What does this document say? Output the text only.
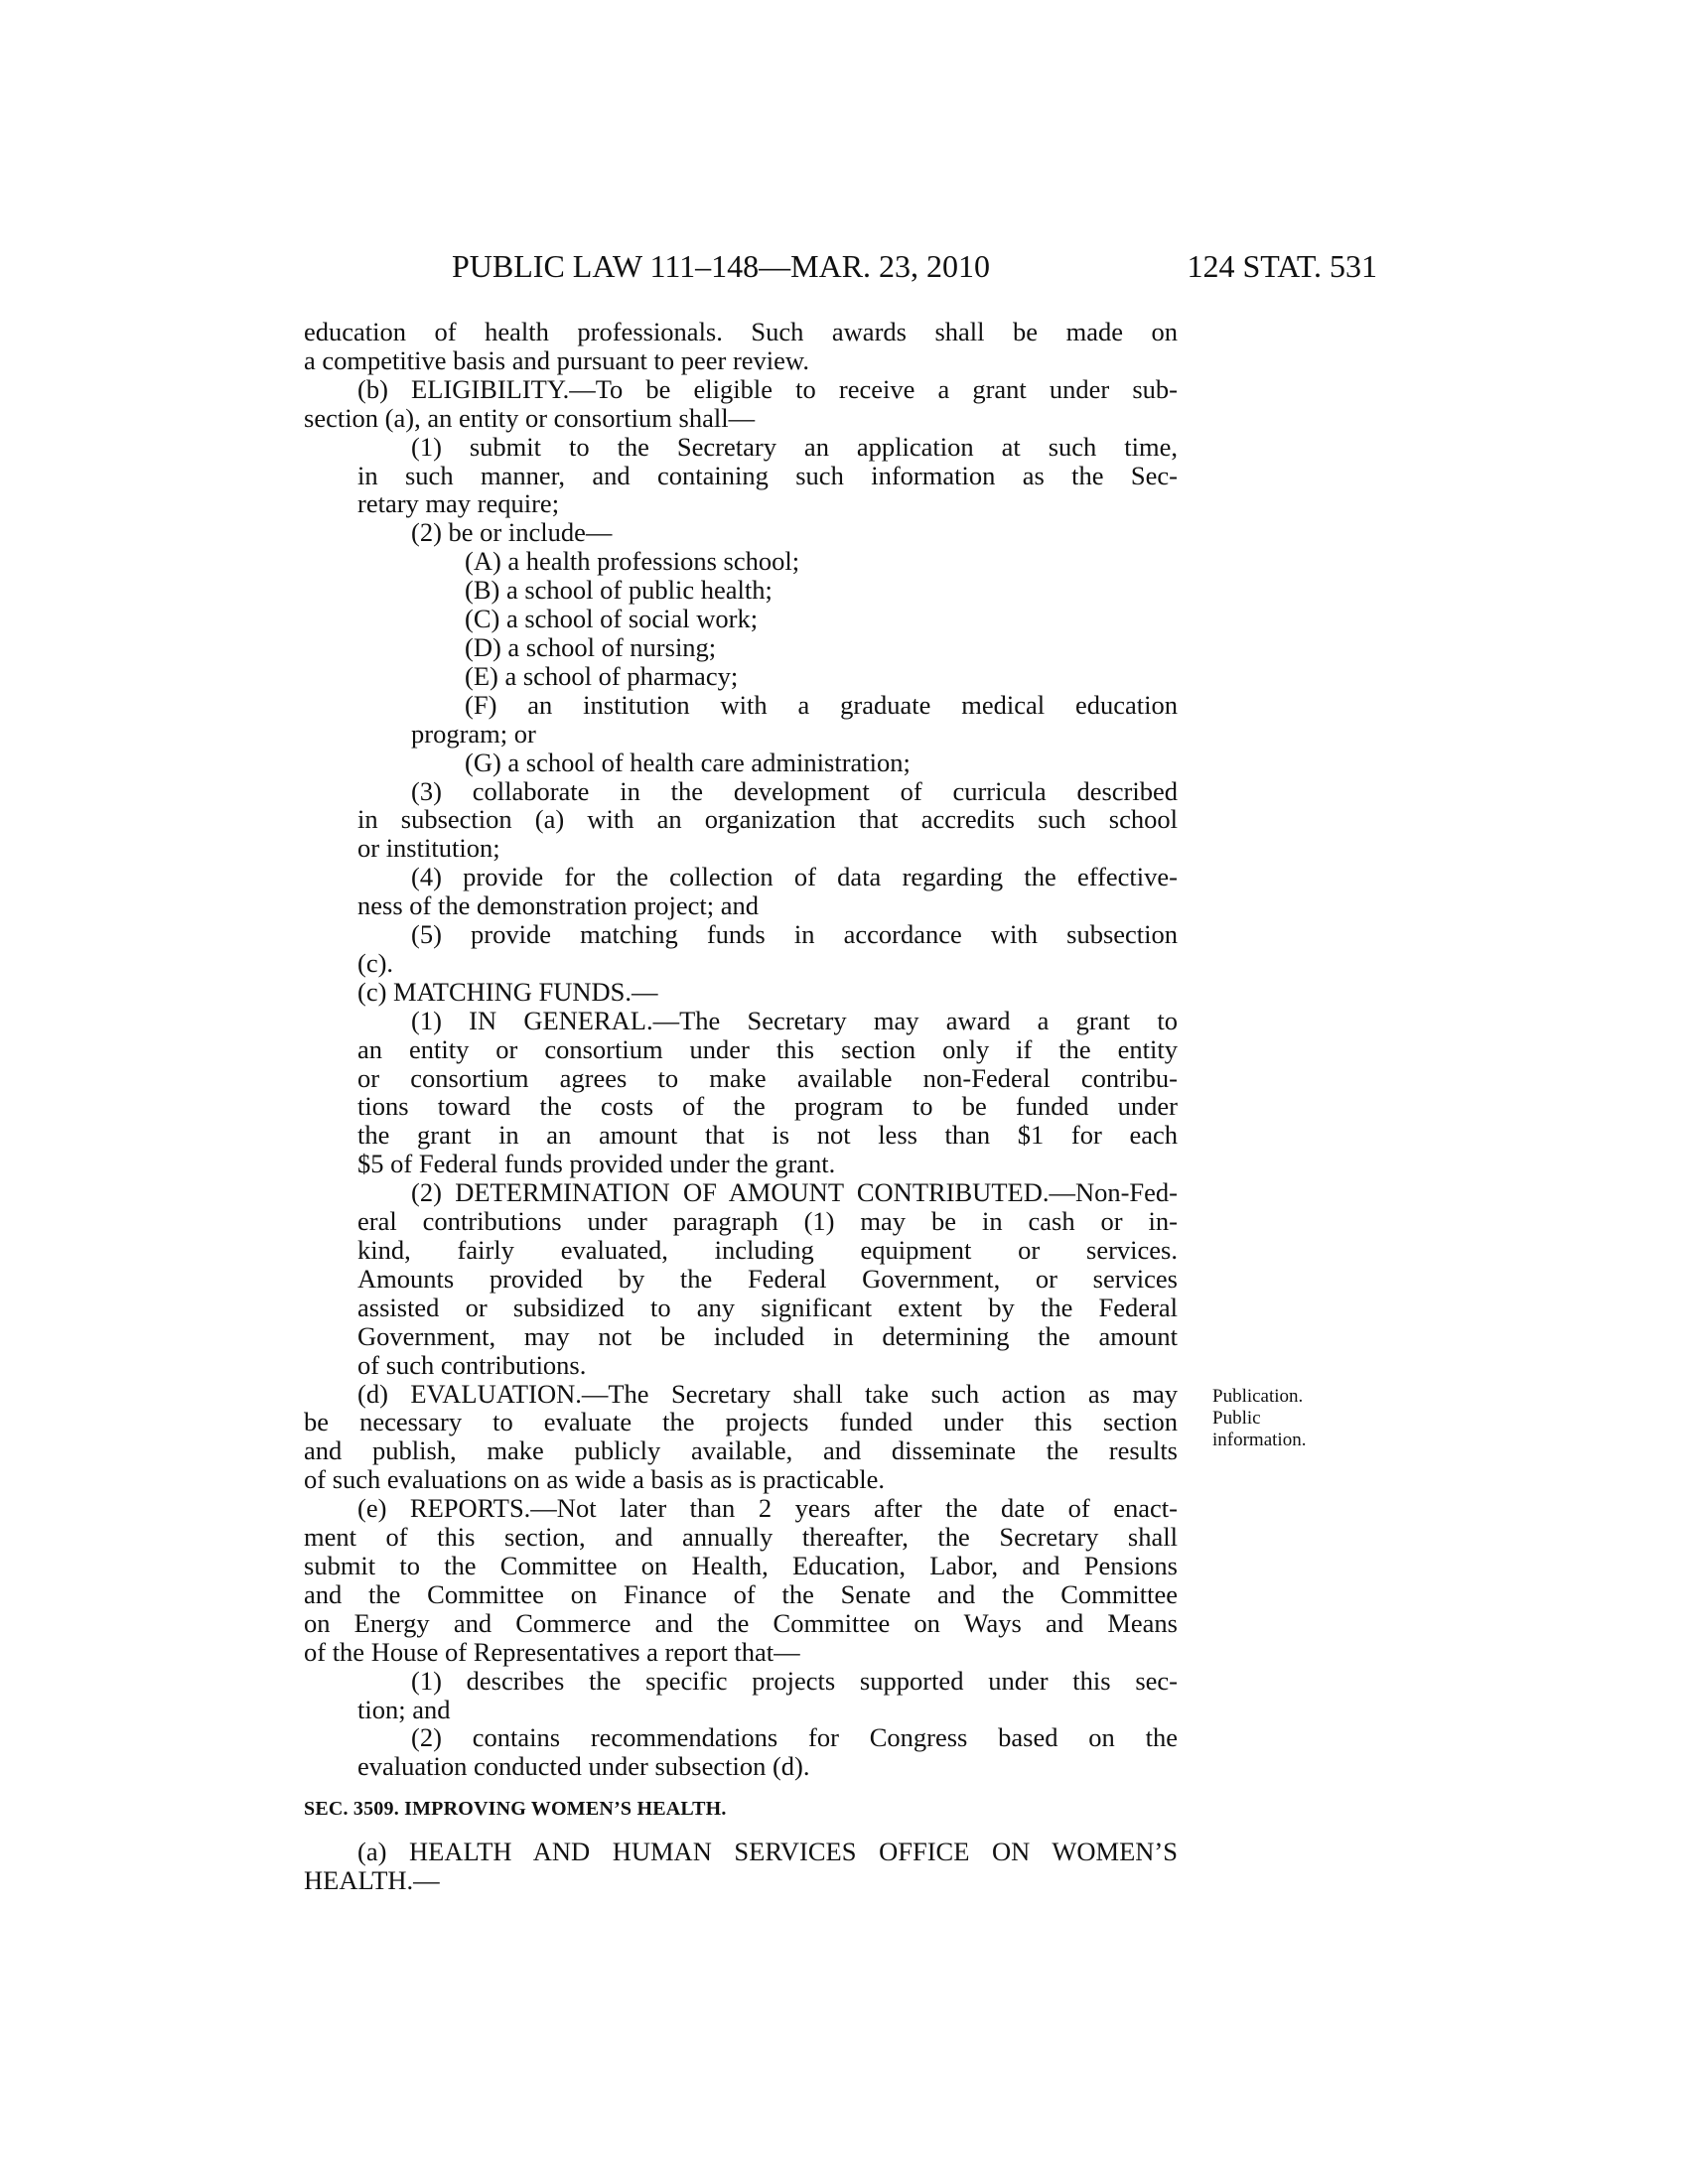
PUBLIC LAW 111–148—MAR. 23, 2010	124 STAT. 531
education of health professionals. Such awards shall be made on
a competitive basis and pursuant to peer review.
(b) ELIGIBILITY.—To be eligible to receive a grant under sub-
section (a), an entity or consortium shall—
(1) submit to the Secretary an application at such time,
in such manner, and containing such information as the Sec-
retary may require;
(2) be or include—
(A) a health professions school;
(B) a school of public health;
(C) a school of social work;
(D) a school of nursing;
(E) a school of pharmacy;
(F) an institution with a graduate medical education
program; or
(G) a school of health care administration;
(3) collaborate in the development of curricula described
in subsection (a) with an organization that accredits such school
or institution;
(4) provide for the collection of data regarding the effective-
ness of the demonstration project; and
(5) provide matching funds in accordance with subsection
(c).
(c) MATCHING FUNDS.—
(1) IN GENERAL.—The Secretary may award a grant to
an entity or consortium under this section only if the entity
or consortium agrees to make available non-Federal contribu-
tions toward the costs of the program to be funded under
the grant in an amount that is not less than $1 for each
$5 of Federal funds provided under the grant.
(2) DETERMINATION OF AMOUNT CONTRIBUTED.—Non-Fed-
eral contributions under paragraph (1) may be in cash or in-
kind, fairly evaluated, including equipment or services.
Amounts provided by the Federal Government, or services
assisted or subsidized to any significant extent by the Federal
Government, may not be included in determining the amount
of such contributions.
(d) EVALUATION.—The Secretary shall take such action as may
be necessary to evaluate the projects funded under this section
and publish, make publicly available, and disseminate the results
of such evaluations on as wide a basis as is practicable.
(e) REPORTS.—Not later than 2 years after the date of enact-
ment of this section, and annually thereafter, the Secretary shall
submit to the Committee on Health, Education, Labor, and Pensions
and the Committee on Finance of the Senate and the Committee
on Energy and Commerce and the Committee on Ways and Means
of the House of Representatives a report that—
(1) describes the specific projects supported under this sec-
tion; and
(2) contains recommendations for Congress based on the
evaluation conducted under subsection (d).
SEC. 3509. IMPROVING WOMEN’S HEALTH.
(a) HEALTH AND HUMAN SERVICES OFFICE ON WOMEN’S
HEALTH.—
Publication.
Public
information.
